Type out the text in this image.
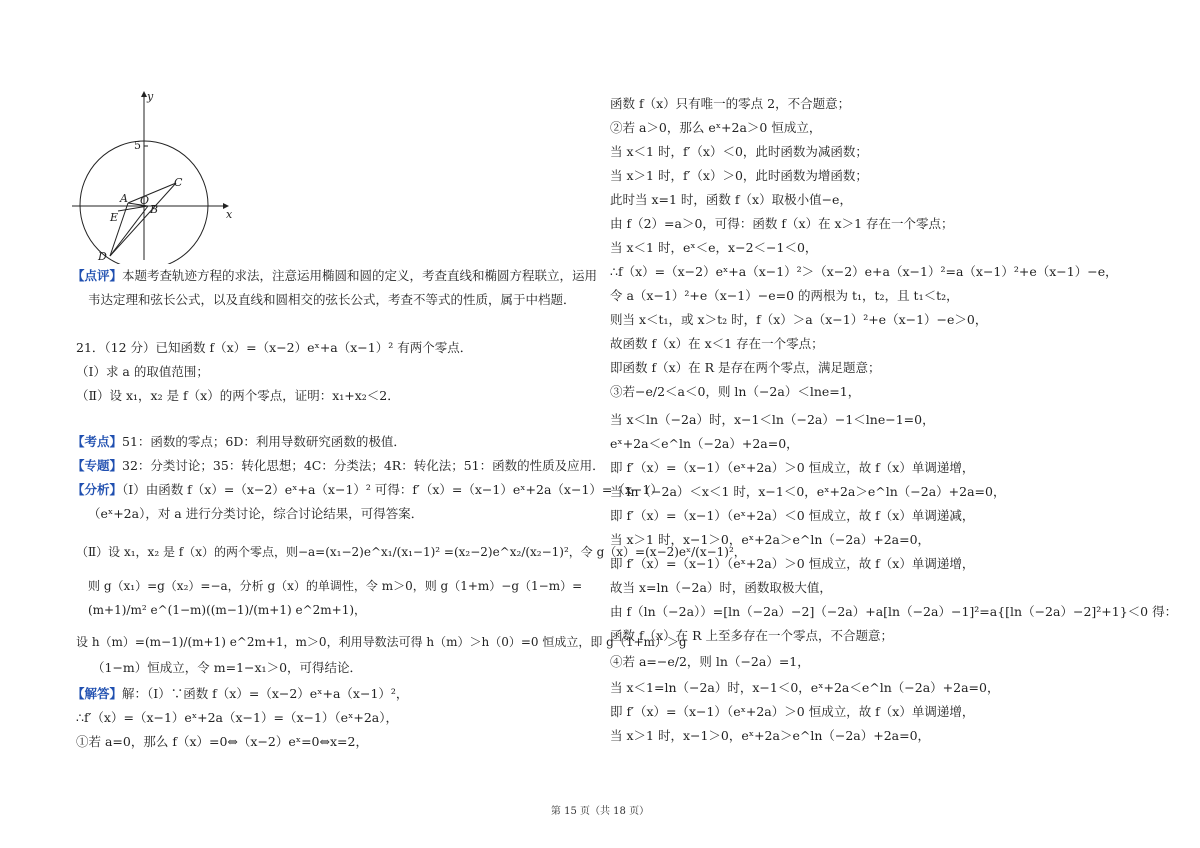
y
x
5
A O
B
C
E
D
【点评】本题考查轨迹方程的求法，注意运用椭圆和圆的定义，考查直线和椭圆方程联立，运用
韦达定理和弦长公式，以及直线和圆相交的弦长公式，考查不等式的性质，属于中档题．
21．（12 分）已知函数 f（x）=（x−2）eˣ+a（x−1）² 有两个零点．
（Ⅰ）求 a 的取值范围；
（Ⅱ）设 x₁，x₂ 是 f（x）的两个零点，证明：x₁+x₂＜2．
【考点】51：函数的零点；6D：利用导数研究函数的极值．
【专题】32：分类讨论；35：转化思想；4C：分类法；4R：转化法；51：函数的性质及应用．
【分析】（Ⅰ）由函数 f（x）=（x−2）eˣ+a（x−1）² 可得：f′（x）=（x−1）eˣ+2a（x−1）=（x−1）
（eˣ+2a），对 a 进行分类讨论，综合讨论结果，可得答案．
（Ⅱ）设 x₁，x₂ 是 f（x）的两个零点，则−a=(x₁−2)e^x₁/(x₁−1)² =(x₂−2)e^x₂/(x₂−1)²，令 g（x）=(x−2)eˣ/(x−1)²，
则 g（x₁）=g（x₂）=−a，分析 g（x）的单调性，令 m＞0，则 g（1+m）−g（1−m）=
(m+1)/m² e^(1−m)((m−1)/(m+1) e^2m+1)，
设 h（m）=(m−1)/(m+1) e^2m+1，m＞0，利用导数法可得 h（m）＞h（0）=0 恒成立，即 g（1+m）＞g
（1−m）恒成立，令 m=1−x₁＞0，可得结论．
【解答】解：（Ⅰ）∵函数 f（x）=（x−2）eˣ+a（x−1）²，
∴f′（x）=（x−1）eˣ+2a（x−1）=（x−1）（eˣ+2a），
①若 a=0，那么 f（x）=0⇔（x−2）eˣ=0⇔x=2，
函数 f（x）只有唯一的零点 2，不合题意；
②若 a＞0，那么 eˣ+2a＞0 恒成立，
当 x＜1 时，f′（x）＜0，此时函数为减函数；
当 x＞1 时，f′（x）＞0，此时函数为增函数；
此时当 x=1 时，函数 f（x）取极小值−e，
由 f（2）=a＞0，可得：函数 f（x）在 x＞1 存在一个零点；
当 x＜1 时，eˣ＜e，x−2＜−1＜0，
∴f（x）=（x−2）eˣ+a（x−1）²＞（x−2）e+a（x−1）²=a（x−1）²+e（x−1）−e，
令 a（x−1）²+e（x−1）−e=0 的两根为 t₁，t₂，且 t₁＜t₂，
则当 x＜t₁，或 x＞t₂ 时，f（x）＞a（x−1）²+e（x−1）−e＞0，
故函数 f（x）在 x＜1 存在一个零点；
即函数 f（x）在 R 是存在两个零点，满足题意；
③若−e/2＜a＜0，则 ln（−2a）＜lne=1，
当 x＜ln（−2a）时，x−1＜ln（−2a）−1＜lne−1=0，
eˣ+2a＜e^ln（−2a）+2a=0，
即 f′（x）=（x−1）（eˣ+2a）＞0 恒成立，故 f（x）单调递增，
当 ln（−2a）＜x＜1 时，x−1＜0，eˣ+2a＞e^ln（−2a）+2a=0，
即 f′（x）=（x−1）（eˣ+2a）＜0 恒成立，故 f（x）单调递减，
当 x＞1 时，x−1＞0，eˣ+2a＞e^ln（−2a）+2a=0，
即 f′（x）=（x−1）（eˣ+2a）＞0 恒成立，故 f（x）单调递增，
故当 x=ln（−2a）时，函数取极大值，
由 f（ln（−2a））=[ln（−2a）−2]（−2a）+a[ln（−2a）−1]²=a{[ln（−2a）−2]²+1}＜0 得：
函数 f（x）在 R 上至多存在一个零点，不合题意；
④若 a=−e/2，则 ln（−2a）=1，
当 x＜1=ln（−2a）时，x−1＜0，eˣ+2a＜e^ln（−2a）+2a=0，
即 f′（x）=（x−1）（eˣ+2a）＞0 恒成立，故 f（x）单调递增，
当 x＞1 时，x−1＞0，eˣ+2a＞e^ln（−2a）+2a=0，
第 15 页（共 18 页）
